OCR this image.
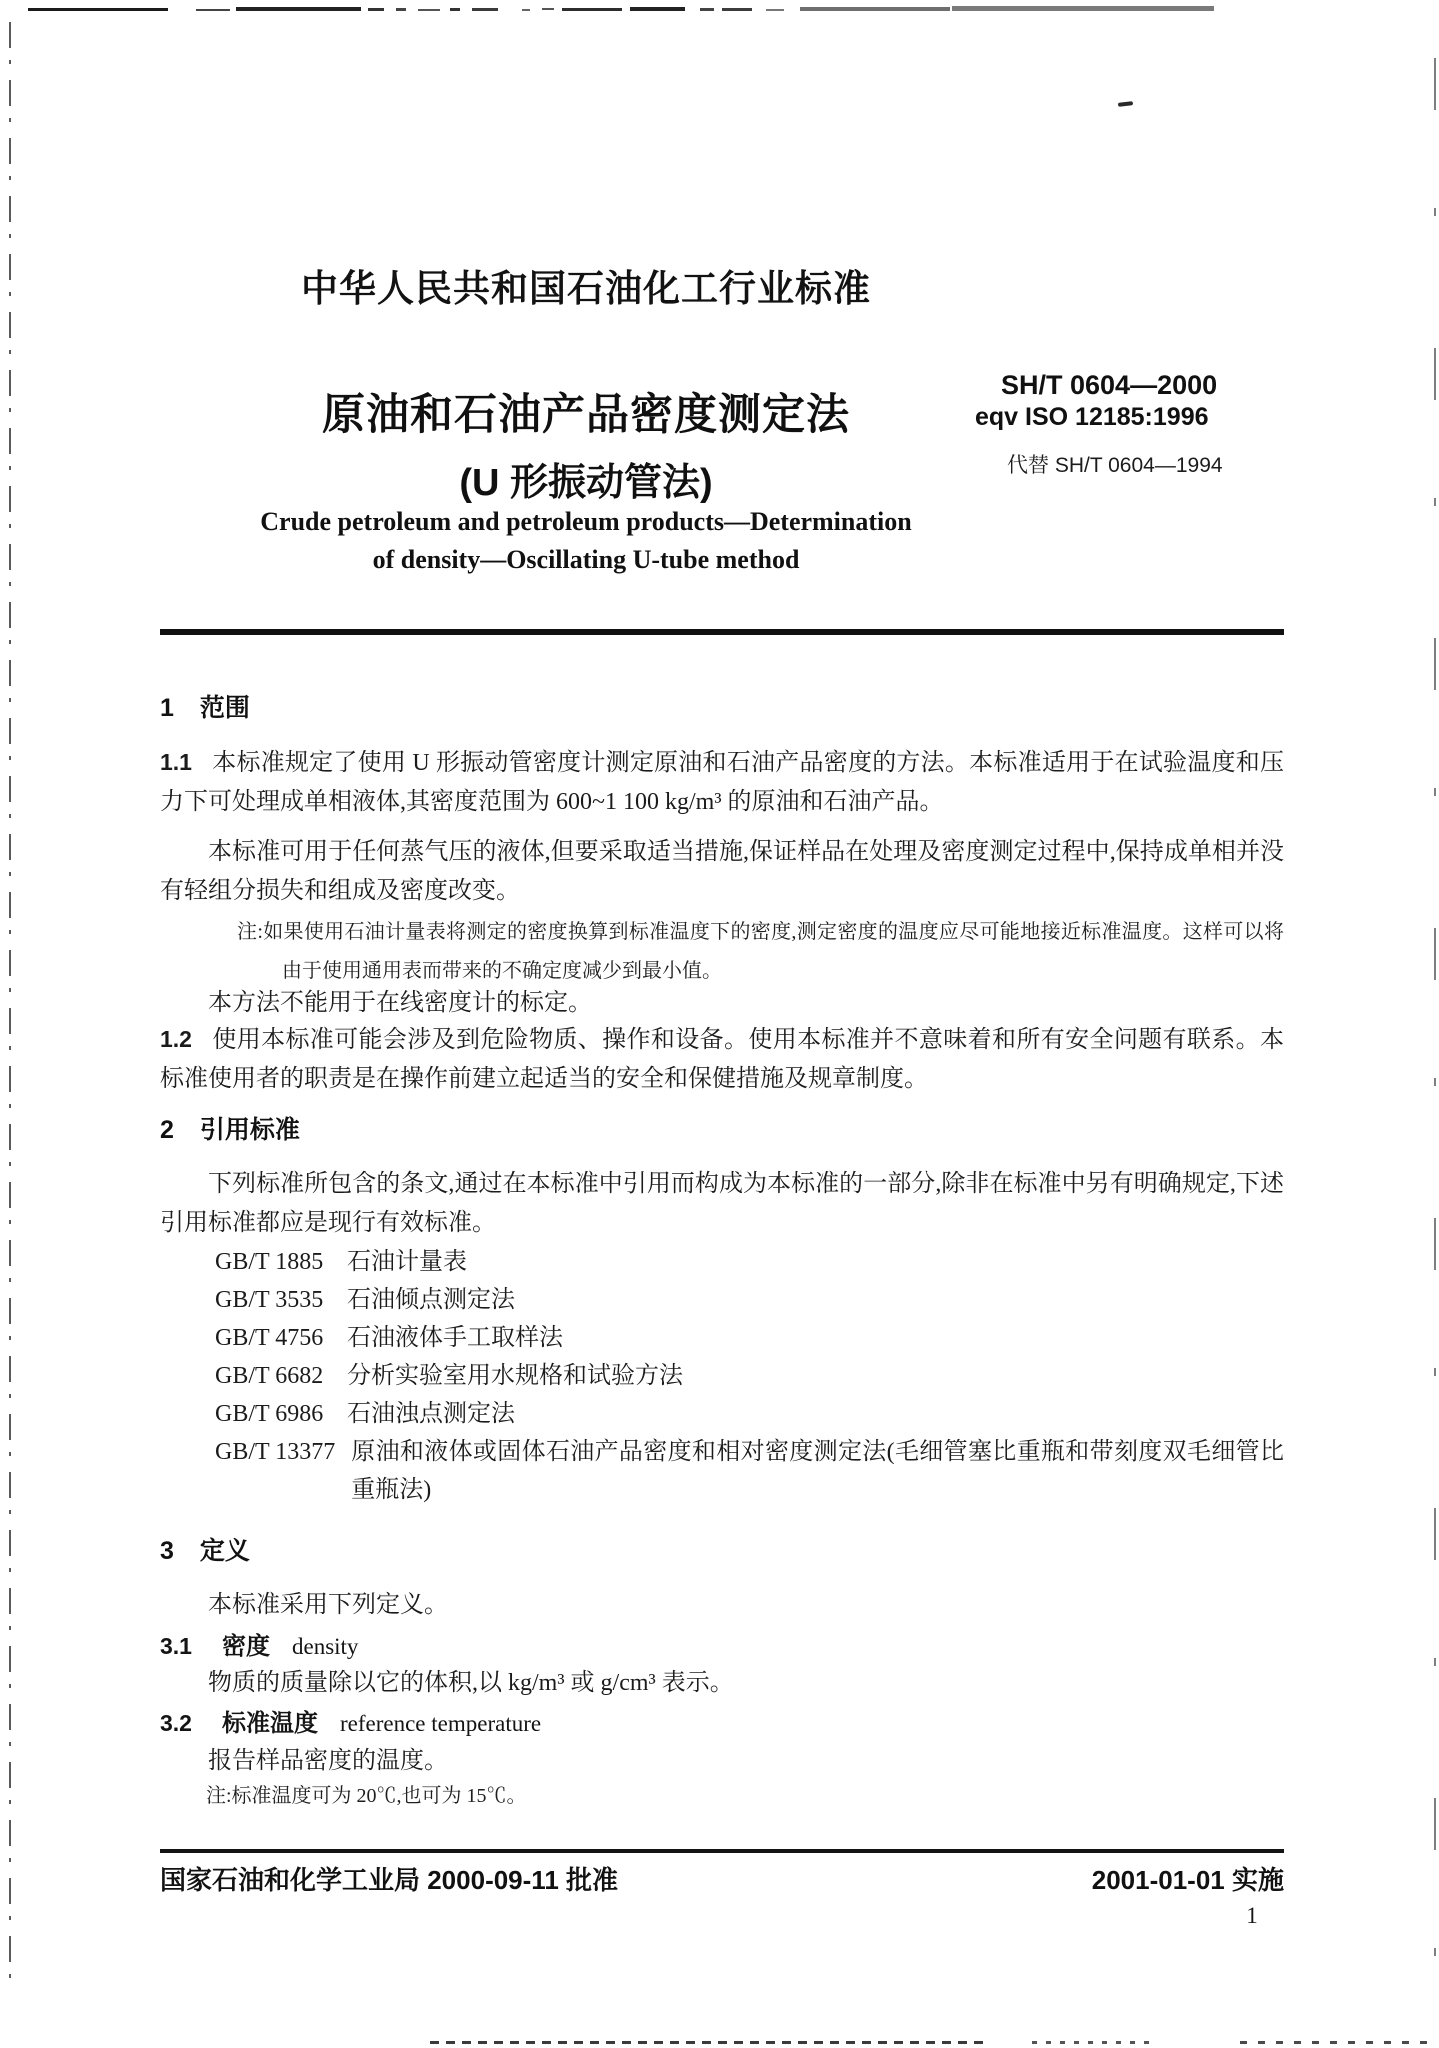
中华人民共和国石油化工行业标准
原油和石油产品密度测定法
(U 形振动管法)
SH/T 0604—2000
eqv ISO 12185:1996
代替 SH/T 0604—1994
Crude petroleum and petroleum products—Determination
of density—Oscillating U-tube method
1 范围

1.1 本标准规定了使用 U 形振动管密度计测定原油和石油产品密度的方法。本标准适用于在试验温度和压力下可处理成单相液体,其密度范围为 600~1 100 kg/m³ 的原油和石油产品。

本标准可用于任何蒸气压的液体,但要采取适当措施,保证样品在处理及密度测定过程中,保持成单相并没有轻组分损失和组成及密度改变。

注:如果使用石油计量表将测定的密度换算到标准温度下的密度,测定密度的温度应尽可能地接近标准温度。这样可以将由于使用通用表而带来的不确定度减少到最小值。

本方法不能用于在线密度计的标定。

1.2 使用本标准可能会涉及到危险物质、操作和设备。使用本标准并不意味着和所有安全问题有联系。本标准使用者的职责是在操作前建立起适当的安全和保健措施及规章制度。

2 引用标准

下列标准所包含的条文,通过在本标准中引用而构成为本标准的一部分,除非在标准中另有明确规定,下述引用标准都应是现行有效标准。

GB/T 1885 石油计量表
GB/T 3535 石油倾点测定法
GB/T 4756 石油液体手工取样法
GB/T 6682 分析实验室用水规格和试验方法
GB/T 6986 石油浊点测定法
GB/T 13377 原油和液体或固体石油产品密度和相对密度测定法(毛细管塞比重瓶和带刻度双毛细管比重瓶法)
3 定义

本标准采用下列定义。

3.1 密度 density

物质的质量除以它的体积,以 kg/m³ 或 g/cm³ 表示。

3.2 标准温度 reference temperature

报告样品密度的温度。

注:标准温度可为 20℃,也可为 15℃。

国家石油和化学工业局 2000-09-11 批准	2001-01-01 实施
1
